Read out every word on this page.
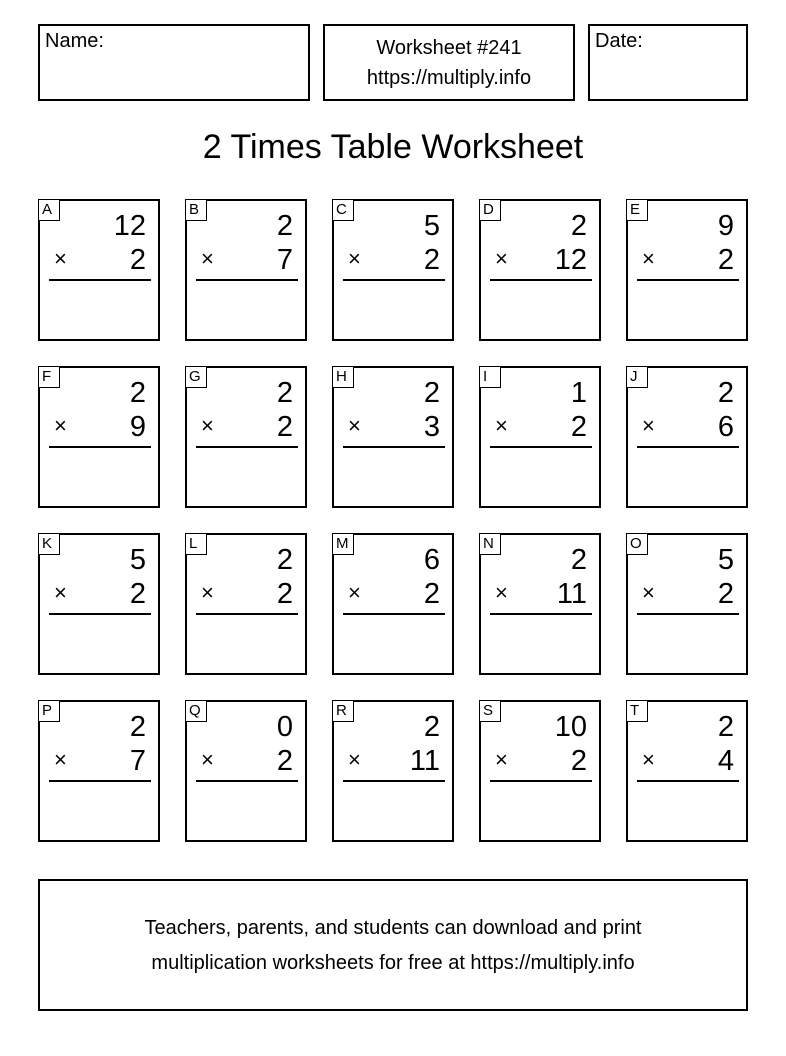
Name:	Worksheet #241
https://multiply.info
Date:
2 Times Table Worksheet
A
12
× 2
B
2
× 7
C
5
× 2
D
2
× 12
E
9
× 2
F
2
× 9
G
2
× 2
H
2
× 3
I
1
× 2
J
2
× 6
K
5
× 2
L
2
× 2
M
6
× 2
N
2
× 11
O
5
× 2
P
2
× 7
Q
0
× 2
R
2
× 11
S
10
× 2
T
2
× 4
Teachers, parents, and students can download and print
multiplication worksheets for free at https://multiply.info
